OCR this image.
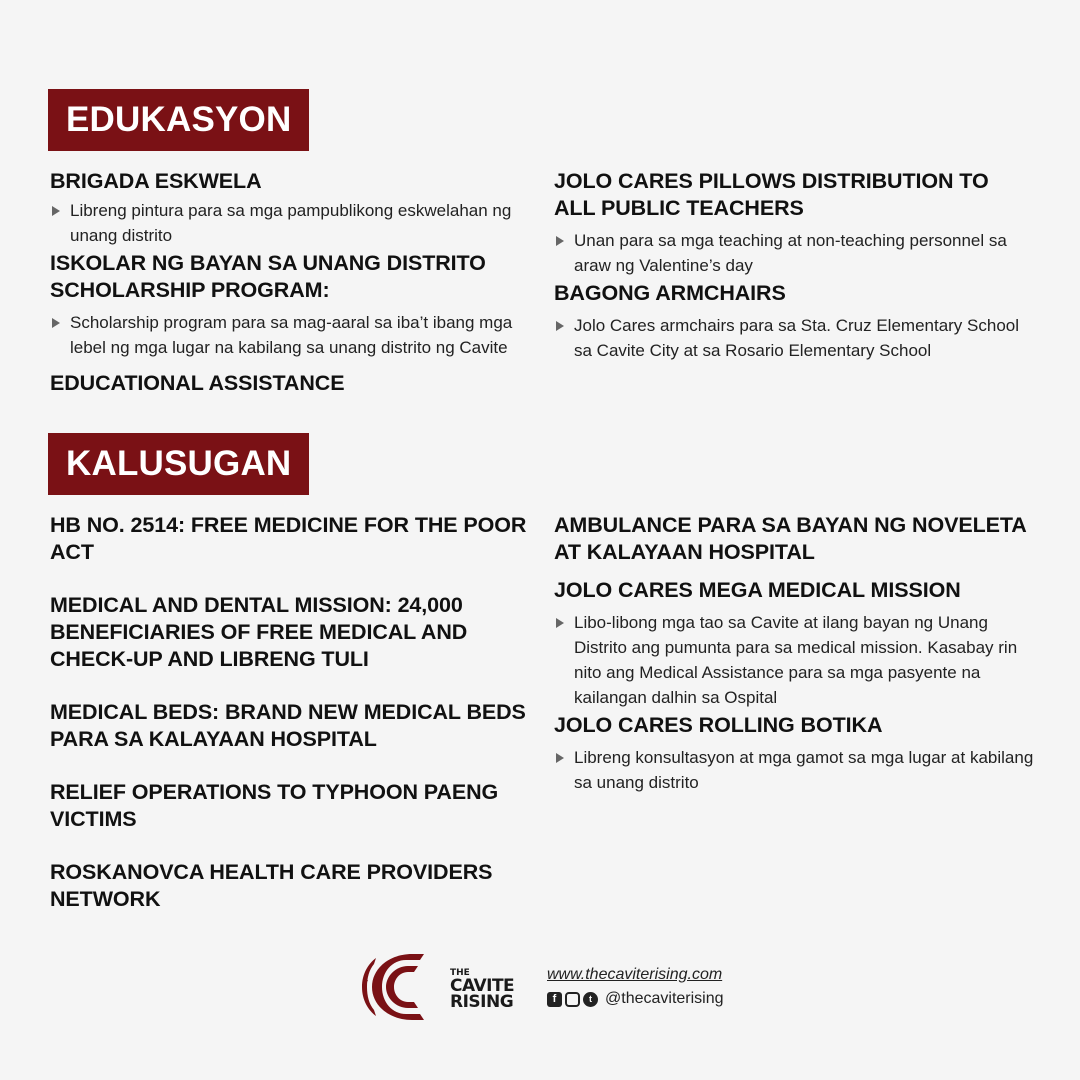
EDUKASYON

BRIGADA ESKWELA

Libreng pintura para sa mga pampublikong eskwelahan ng unang distrito

ISKOLAR NG BAYAN SA UNANG DISTRITO SCHOLARSHIP PROGRAM:

Scholarship program para sa mag-aaral sa iba’t ibang mga lebel ng mga lugar na kabilang sa unang distrito ng Cavite

EDUCATIONAL ASSISTANCE

JOLO CARES PILLOWS DISTRIBUTION TO ALL PUBLIC TEACHERS

Unan para sa mga teaching at non-teaching personnel sa araw ng Valentine’s day

BAGONG ARMCHAIRS

Jolo Cares armchairs para sa Sta. Cruz Elementary School sa Cavite City at sa Rosario Elementary School

KALUSUGAN

HB NO. 2514: FREE MEDICINE FOR THE POOR ACT

MEDICAL AND DENTAL MISSION: 24,000 BENEFICIARIES OF FREE MEDICAL AND CHECK-UP AND LIBRENG TULI

MEDICAL BEDS: BRAND NEW MEDICAL BEDS PARA SA KALAYAAN HOSPITAL

RELIEF OPERATIONS TO TYPHOON PAENG VICTIMS

ROSKANOVCA HEALTH CARE PROVIDERS NETWORK

AMBULANCE PARA SA BAYAN NG NOVELETA AT KALAYAAN HOSPITAL

JOLO CARES MEGA MEDICAL MISSION

Libo-libong mga tao sa Cavite at ilang bayan ng Unang Distrito ang pumunta para sa medical mission. Kasabay rin nito ang Medical Assistance para sa mga pasyente na kailangan dalhin sa Ospital

JOLO CARES ROLLING BOTIKA

Libreng konsultasyon at mga gamot sa mga lugar at kabilang sa unang distrito

THE
CAVITE
RISING
www.thecaviterising.com
f	t @thecaviterising
